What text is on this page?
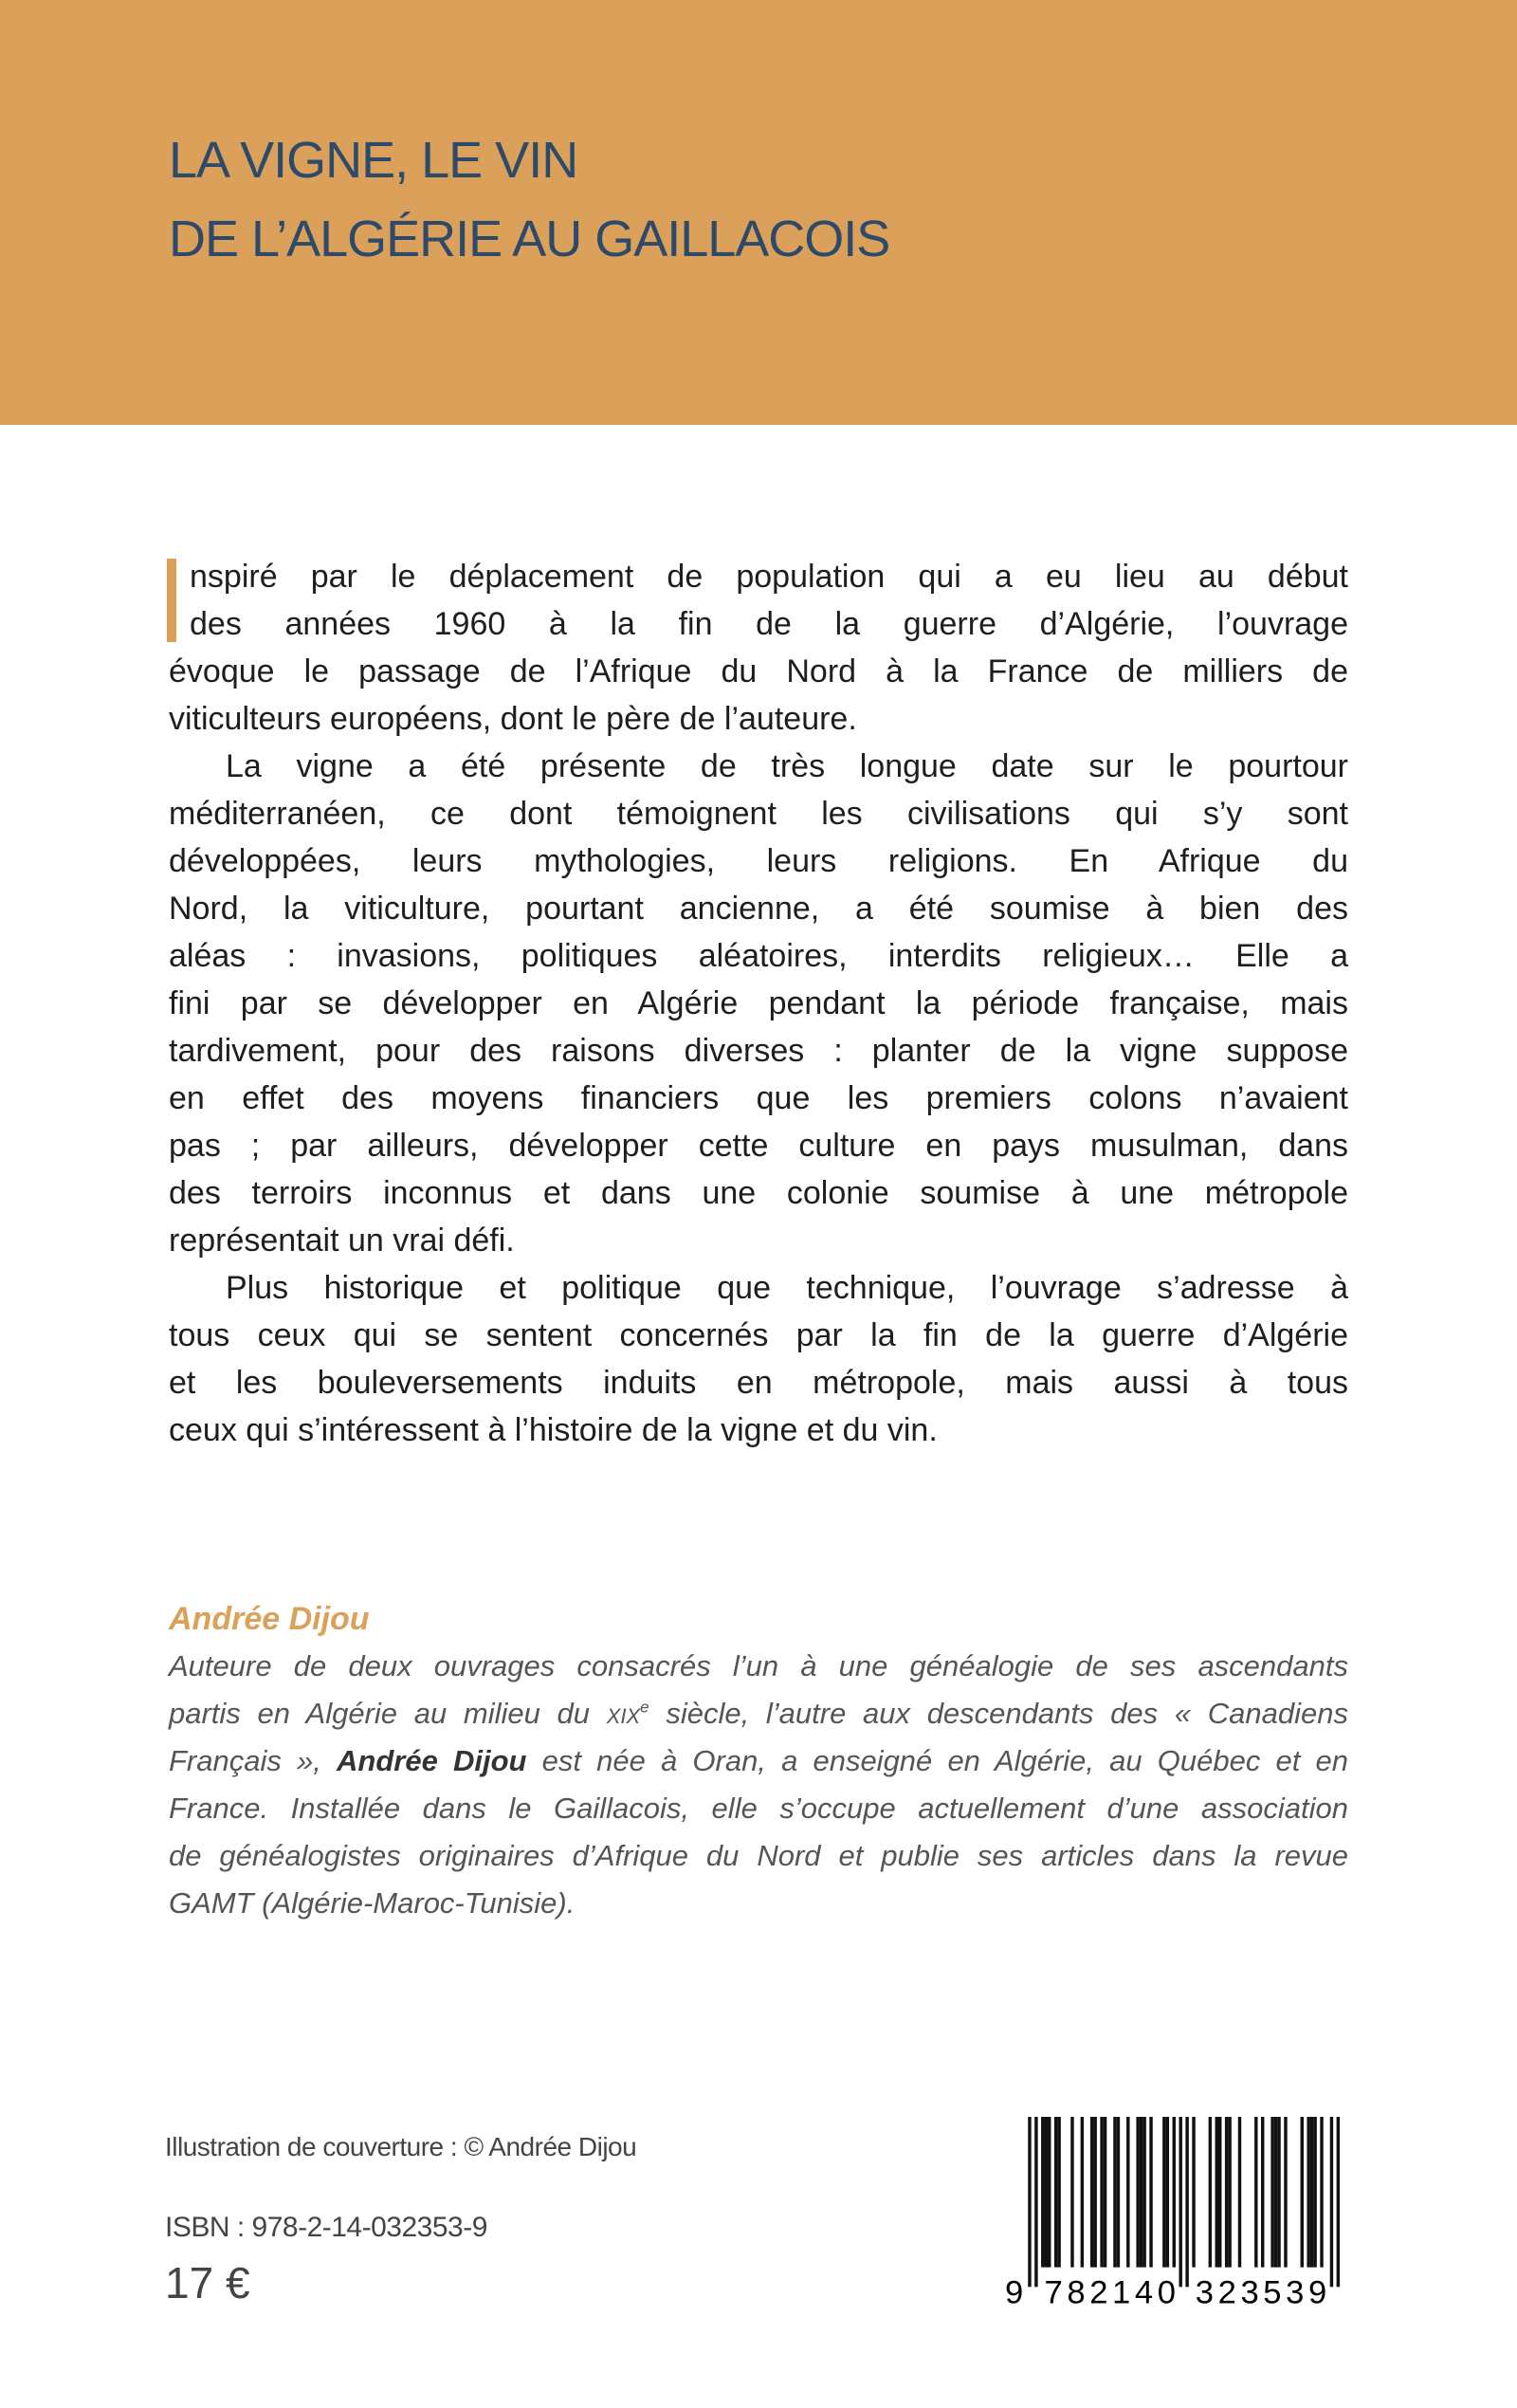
LA VIGNE, LE VIN
DE L’ALGÉRIE AU GAILLACOIS
nspiré par le déplacement de population qui a eu lieu au début
des années 1960 à la fin de la guerre d’Algérie, l’ouvrage
évoque le passage de l’Afrique du Nord à la France de milliers de
viticulteurs européens, dont le père de l’auteure.
La vigne a été présente de très longue date sur le pourtour
méditerranéen, ce dont témoignent les civilisations qui s’y sont
développées, leurs mythologies, leurs religions. En Afrique du
Nord, la viticulture, pourtant ancienne, a été soumise à bien des
aléas : invasions, politiques aléatoires, interdits religieux… Elle a
fini par se développer en Algérie pendant la période française, mais
tardivement, pour des raisons diverses : planter de la vigne suppose
en effet des moyens financiers que les premiers colons n’avaient
pas ; par ailleurs, développer cette culture en pays musulman, dans
des terroirs inconnus et dans une colonie soumise à une métropole
représentait un vrai défi.
Plus historique et politique que technique, l’ouvrage s’adresse à
tous ceux qui se sentent concernés par la fin de la guerre d’Algérie
et les bouleversements induits en métropole, mais aussi à tous
ceux qui s’intéressent à l’histoire de la vigne et du vin.
Andrée Dijou
Auteure de deux ouvrages consacrés l’un à une généalogie de ses ascendants
partis en Algérie au milieu du xix$^e$ siècle, l’autre aux descendants des « Canadiens
Français », Andrée Dijou est née à Oran, a enseigné en Algérie, au Québec et en
France. Installée dans le Gaillacois, elle s’occupe actuellement d’une association
de généalogistes originaires d’Afrique du Nord et publie ses articles dans la revue
GAMT (Algérie-Maroc-Tunisie).
Illustration de couverture : © Andrée Dijou
ISBN : 978-2-14-032353-9
17 €	9 782140 323539
